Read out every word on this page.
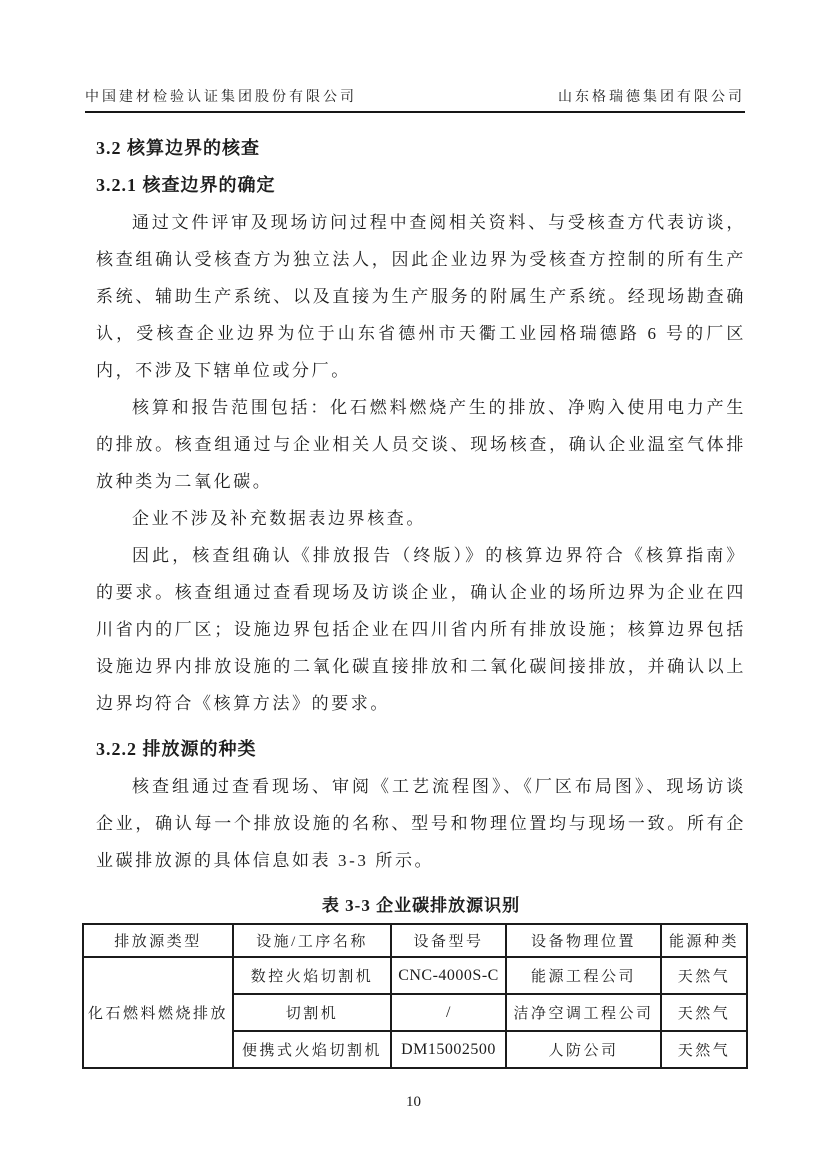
中国建材检验认证集团股份有限公司	山东格瑞德集团有限公司
3.2 核算边界的核查
3.2.1 核查边界的确定

通过文件评审及现场访问过程中查阅相关资料、与受核查方代表访谈，核查组确认受核查方为独立法人，因此企业边界为受核查方控制的所有生产系统、辅助生产系统、以及直接为生产服务的附属生产系统。经现场勘查确认，受核查企业边界为位于山东省德州市天衢工业园格瑞德路 6 号的厂区内，不涉及下辖单位或分厂。

核算和报告范围包括：化石燃料燃烧产生的排放、净购入使用电力产生的排放。核查组通过与企业相关人员交谈、现场核查，确认企业温室气体排放种类为二氧化碳。

企业不涉及补充数据表边界核查。

因此，核查组确认《排放报告（终版）》的核算边界符合《核算指南》的要求。核查组通过查看现场及访谈企业，确认企业的场所边界为企业在四川省内的厂区；设施边界包括企业在四川省内所有排放设施；核算边界包括设施边界内排放设施的二氧化碳直接排放和二氧化碳间接排放，并确认以上边界均符合《核算方法》的要求。

3.2.2 排放源的种类

核查组通过查看现场、审阅《工艺流程图》、《厂区布局图》、现场访谈企业，确认每一个排放设施的名称、型号和物理位置均与现场一致。所有企业碳排放源的具体信息如表 3-3 所示。

表 3-3 企业碳排放源识别
排放源类型	设施/工序名称	设备型号	设备物理位置	能源种类
化石燃料燃烧排放	数控火焰切割机	CNC-4000S-C	能源工程公司	天然气
	切割机	/	洁净空调工程公司	天然气
	便携式火焰切割机	DM15002500	人防公司	天然气
10
